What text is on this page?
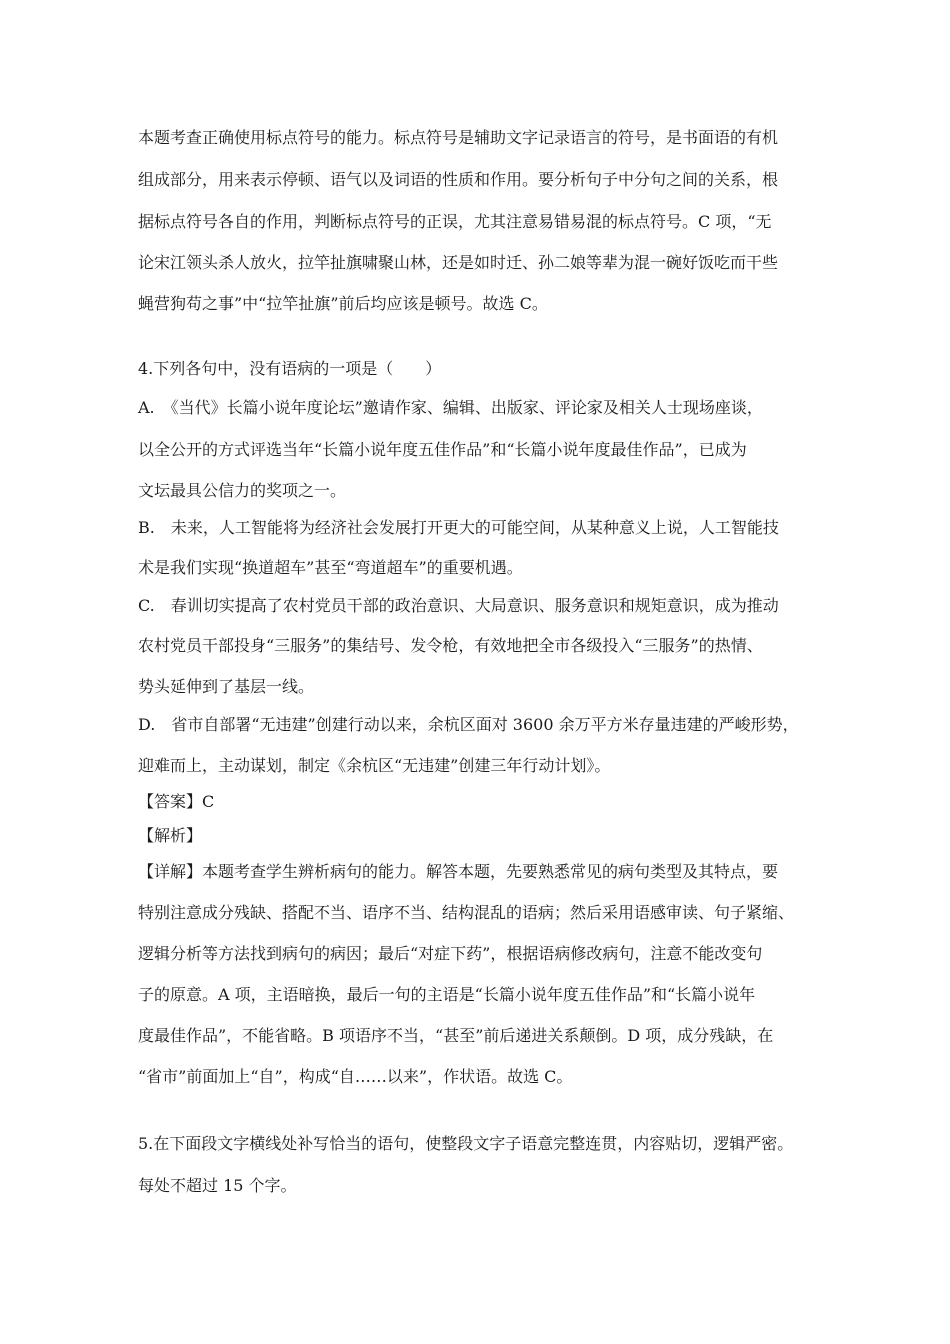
本题考查正确使用标点符号的能力。标点符号是辅助文字记录语言的符号，是书面语的有机
组成部分，用来表示停顿、语气以及词语的性质和作用。要分析句子中分句之间的关系，根
据标点符号各自的作用，判断标点符号的正误，尤其注意易错易混的标点符号。C 项，“无
论宋江领头杀人放火，拉竿扯旗啸聚山林，还是如时迁、孙二娘等辈为混一碗好饭吃而干些
蝇营狗苟之事”中“拉竿扯旗”前后均应该是顿号。故选 C。
4.下列各句中，没有语病的一项是（　　）
A.　《当代》长篇小说年度论坛”邀请作家、编辑、出版家、评论家及相关人士现场座谈，
以全公开的方式评选当年“长篇小说年度五佳作品”和“长篇小说年度最佳作品”，已成为
文坛最具公信力的奖项之一。
B.　未来，人工智能将为经济社会发展打开更大的可能空间，从某种意义上说，人工智能技
术是我们实现“换道超车”甚至“弯道超车”的重要机遇。
C.　春训切实提高了农村党员干部的政治意识、大局意识、服务意识和规矩意识，成为推动
农村党员干部投身“三服务”的集结号、发令枪，有效地把全市各级投入“三服务”的热情、
势头延伸到了基层一线。
D.　省市自部署“无违建”创建行动以来，余杭区面对 3600 余万平方米存量违建的严峻形势，
迎难而上，主动谋划，制定《余杭区“无违建”创建三年行动计划》。
【答案】C
【解析】
【详解】本题考查学生辨析病句的能力。解答本题，先要熟悉常见的病句类型及其特点，要
特别注意成分残缺、搭配不当、语序不当、结构混乱的语病；然后采用语感审读、句子紧缩、
逻辑分析等方法找到病句的病因；最后“对症下药”，根据语病修改病句，注意不能改变句
子的原意。A 项，主语暗换，最后一句的主语是“长篇小说年度五佳作品”和“长篇小说年
度最佳作品”，不能省略。B 项语序不当，“甚至”前后递进关系颠倒。D 项，成分残缺，在
“省市”前面加上“自”，构成“自……以来”，作状语。故选 C。
5.在下面段文字横线处补写恰当的语句，使整段文字子语意完整连贯，内容贴切，逻辑严密。
每处不超过 15 个字。
